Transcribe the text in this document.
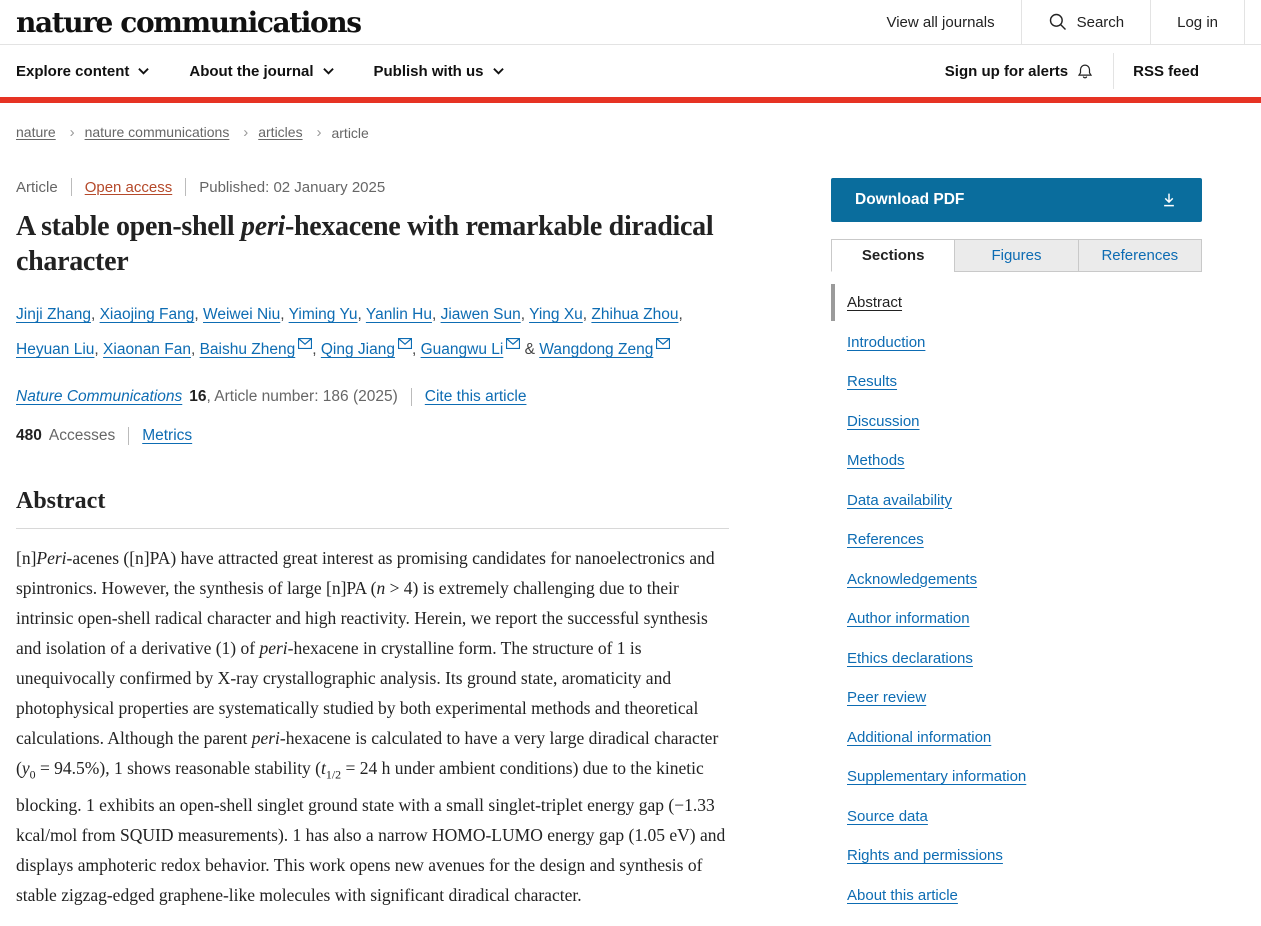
nature communications	View all journals	Search	Log in
Explore content	About the journal	Publish with us	Sign up for alerts	RSS feed
nature › nature communications › articles › article
Article Open access Published: 02 January 2025
A stable open-shell peri-hexacene with remarkable diradical character

Jinji Zhang, Xiaojing Fang, Weiwei Niu, Yiming Yu, Yanlin Hu, Jiawen Sun, Ying Xu, Zhihua Zhou, Heyuan Liu, Xiaonan Fan, Baishu Zheng , Qing Jiang , Guangwu Li & Wangdong Zeng

Nature Communications 16 , Article number: 186 (2025) Cite this article
480 Accesses Metrics
Abstract

[n]Peri-acenes ([n]PA) have attracted great interest as promising candidates for nanoelectronics and spintronics. However, the synthesis of large [n]PA (n > 4) is extremely challenging due to their intrinsic open-shell radical character and high reactivity. Herein, we report the successful synthesis and isolation of a derivative (1) of peri-hexacene in crystalline form. The structure of 1 is unequivocally confirmed by X-ray crystallographic analysis. Its ground state, aromaticity and photophysical properties are systematically studied by both experimental methods and theoretical calculations. Although the parent peri-hexacene is calculated to have a very large diradical character $(y_0 = 94.5\%)$, 1 shows reasonable stability ($t_{1/2} = 24$ h under ambient conditions) due to the kinetic blocking. 1 exhibits an open-shell singlet ground state with a small singlet-triplet energy gap (−1.33 kcal/mol from SQUID measurements). 1 has also a narrow HOMO-LUMO energy gap (1.05 eV) and displays amphoteric redox behavior. This work opens new avenues for the design and synthesis of stable zigzag-edged graphene-like molecules with significant diradical character.

Download PDF
Sections	Figures	References
Abstract
Introduction
Results
Discussion
Methods
Data availability
References
Acknowledgements
Author information
Ethics declarations
Peer review
Additional information
Supplementary information
Source data
Rights and permissions
About this article
